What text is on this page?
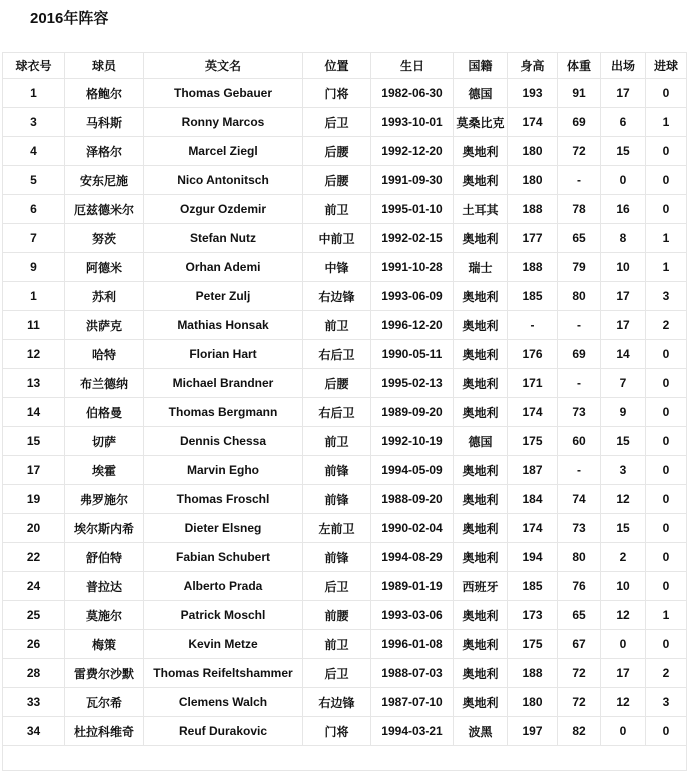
2016年阵容
球衣号	球员	英文名	位置	生日	国籍	身高	体重	出场	进球
1	格鲍尔	Thomas Gebauer	门将	1982-06-30	德国	193	91	17	0
3	马科斯	Ronny Marcos	后卫	1993-10-01	莫桑比克	174	69	6	1
4	泽格尔	Marcel Ziegl	后腰	1992-12-20	奥地利	180	72	15	0
5	安东尼施	Nico Antonitsch	后腰	1991-09-30	奥地利	180	-	0	0
6	厄兹德米尔	Ozgur Ozdemir	前卫	1995-01-10	土耳其	188	78	16	0
7	努茨	Stefan Nutz	中前卫	1992-02-15	奥地利	177	65	8	1
9	阿德米	Orhan Ademi	中锋	1991-10-28	瑞士	188	79	10	1
1	苏利	Peter Zulj	右边锋	1993-06-09	奥地利	185	80	17	3
11	洪萨克	Mathias Honsak	前卫	1996-12-20	奥地利	-	-	17	2
12	哈特	Florian Hart	右后卫	1990-05-11	奥地利	176	69	14	0
13	布兰德纳	Michael Brandner	后腰	1995-02-13	奥地利	171	-	7	0
14	伯格曼	Thomas Bergmann	右后卫	1989-09-20	奥地利	174	73	9	0
15	切萨	Dennis Chessa	前卫	1992-10-19	德国	175	60	15	0
17	埃霍	Marvin Egho	前锋	1994-05-09	奥地利	187	-	3	0
19	弗罗施尔	Thomas Froschl	前锋	1988-09-20	奥地利	184	74	12	0
20	埃尔斯内希	Dieter Elsneg	左前卫	1990-02-04	奥地利	174	73	15	0
22	舒伯特	Fabian Schubert	前锋	1994-08-29	奥地利	194	80	2	0
24	普拉达	Alberto Prada	后卫	1989-01-19	西班牙	185	76	10	0
25	莫施尔	Patrick Moschl	前腰	1993-03-06	奥地利	173	65	12	1
26	梅策	Kevin Metze	前卫	1996-01-08	奥地利	175	67	0	0
28	雷费尔沙默	Thomas Reifeltshammer	后卫	1988-07-03	奥地利	188	72	17	2
33	瓦尔希	Clemens Walch	右边锋	1987-07-10	奥地利	180	72	12	3
34	杜拉科维奇	Reuf Durakovic	门将	1994-03-21	波黑	197	82	0	0
